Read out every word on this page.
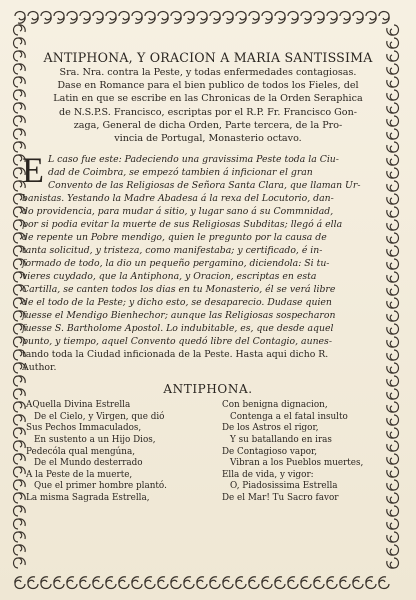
ANTIPHONA, Y ORACION A MARIA SANTISSIMA
Sra. Nra. contra la Peste, y todas enfermedades contagiosas.
Dase en Romance para el bien publico de todos los Fieles, del
Latin en que se escribe en las Chronicas de la Orden Seraphica
de N.S.P.S. Francisco, escriptas por el R.P. Fr. Francisco Gon-
zaga, General de dicha Orden, Parte tercera, de la Pro-
vincia de Portugal, Monasterio octavo.
E L caso fue este: Padeciendo una gravissima Peste toda la Ciu-
dad de Coimbra, se empezó tambien á inficionar el gran
Convento de las Religiosas de Señora Santa Clara, que llaman Ur-
banistas. Yestando la Madre Abadesa á la rexa del Locutorio, dan-
do providencia, para mudar á sitio, y lugar sano á su Commnidad,
por si podia evitar la muerte de sus Religiosas Subditas; llegó á ella
de repente un Pobre mendigo, quien le pregunto por la causa de
tanta solicitud, y tristeza, como manifestaba; y certificado, é in-
formado de todo, la dio un pequeño pergamino, diciendola: Si tu-
vieres cuydado, que la Antiphona, y Oracion, escriptas en esta
Cartilla, se canten todos los dias en tu Monasterio, él se verá libre
de el todo de la Peste; y dicho esto, se desaparecio. Dudase quien
fuesse el Mendigo Bienhechor; aunque las Religiosas sospecharon
fuesse S. Bartholome Apostol. Lo indubitable, es, que desde aquel
punto, y tiempo, aquel Convento quedó libre del Contagio, aunes-
tando toda la Ciudad inficionada de la Peste. Hasta aqui dicho R.
Author.
ANTIPHONA.
AQuella Divina Estrella
De el Cielo, y Virgen, que dió
Sus Pechos Immaculados,
En sustento a un Hijo Dios,
Pedecóla qual mengúna,
De el Mundo desterrado
A la Peste de la muerte,
Que el primer hombre plantó.
La misma Sagrada Estrella,
Con benigna dignacion,
Contenga a el fatal insulto
De los Astros el rigor,
Y su batallando en iras
De Contagioso vapor,
Vibran a los Pueblos muertes,
Ella de vida, y vigor:
O, Piadosissima Estrella
De el Mar! Tu Sacro favor
